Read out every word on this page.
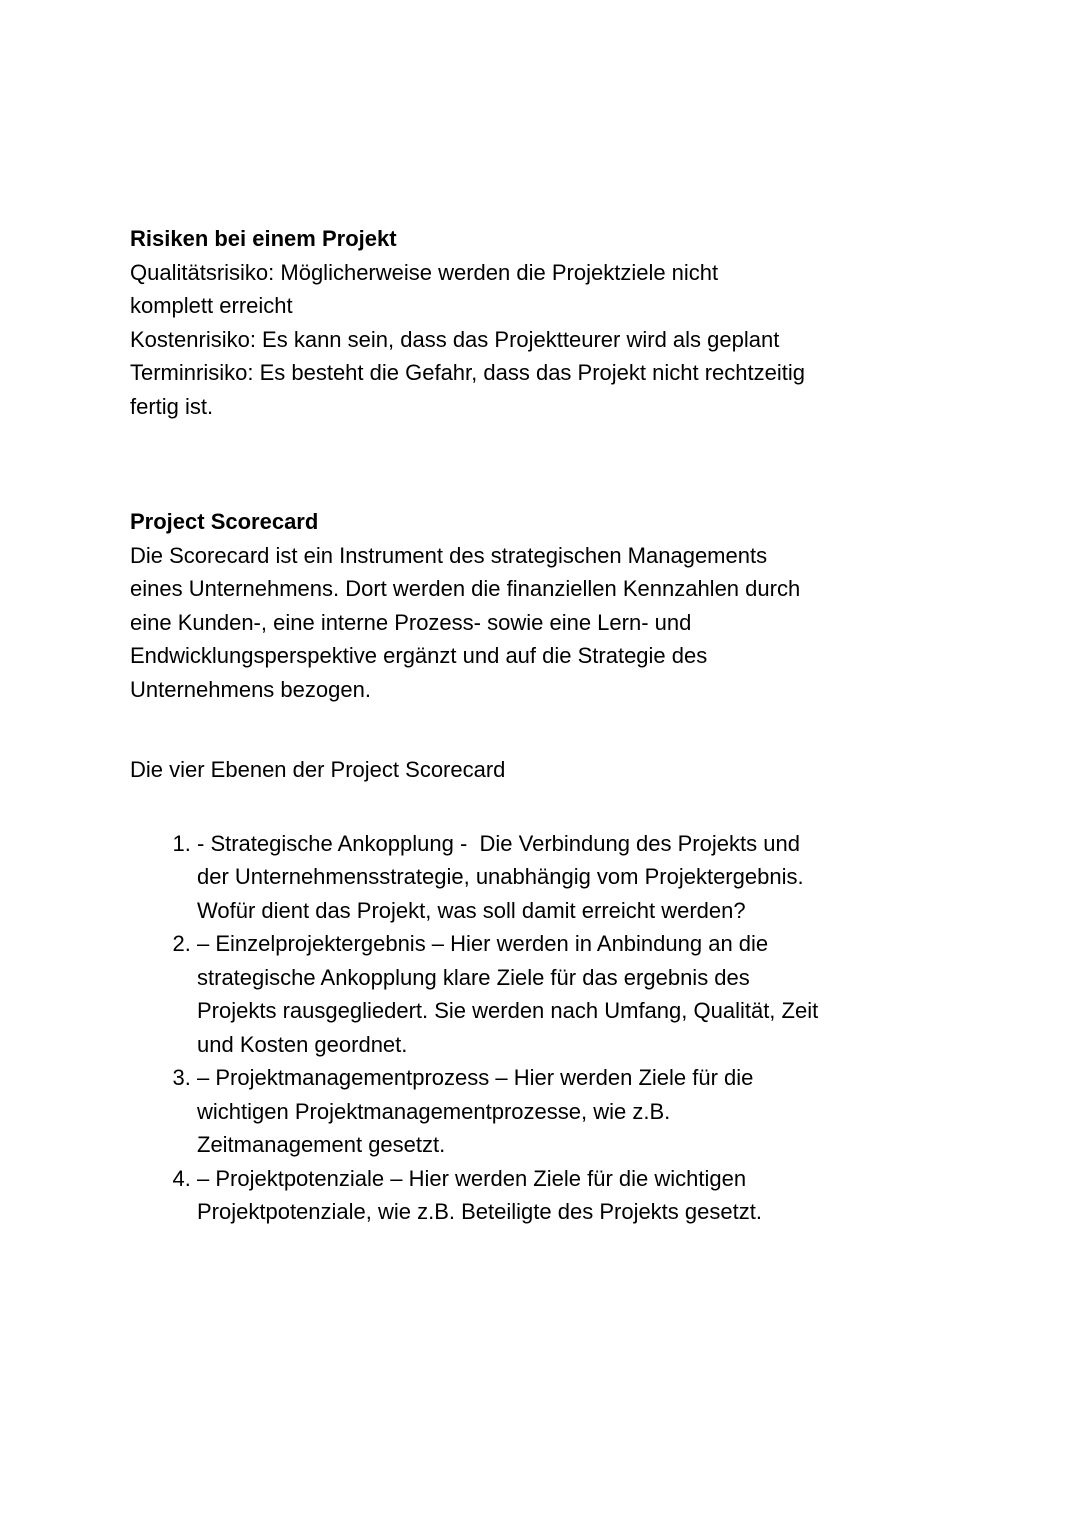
Risiken bei einem Projekt
Qualitätsrisiko: Möglicherweise werden die Projektziele nicht
komplett erreicht
Kostenrisiko: Es kann sein, dass das Projektteurer wird als geplant
Terminrisiko: Es besteht die Gefahr, dass das Projekt nicht rechtzeitig
fertig ist.
Project Scorecard
Die Scorecard ist ein Instrument des strategischen Managements
eines Unternehmens. Dort werden die finanziellen Kennzahlen durch
eine Kunden-, eine interne Prozess- sowie eine Lern- und
Endwicklungsperspektive ergänzt und auf die Strategie des
Unternehmens bezogen.
Die vier Ebenen der Project Scorecard
1. - Strategische Ankopplung -  Die Verbindung des Projekts und
der Unternehmensstrategie, unabhängig vom Projektergebnis.
Wofür dient das Projekt, was soll damit erreicht werden?
2. – Einzelprojektergebnis – Hier werden in Anbindung an die
strategische Ankopplung klare Ziele für das ergebnis des
Projekts rausgegliedert. Sie werden nach Umfang, Qualität, Zeit
und Kosten geordnet.
3. – Projektmanagementprozess – Hier werden Ziele für die
wichtigen Projektmanagementprozesse, wie z.B.
Zeitmanagement gesetzt.
4. – Projektpotenziale – Hier werden Ziele für die wichtigen
Projektpotenziale, wie z.B. Beteiligte des Projekts gesetzt.
